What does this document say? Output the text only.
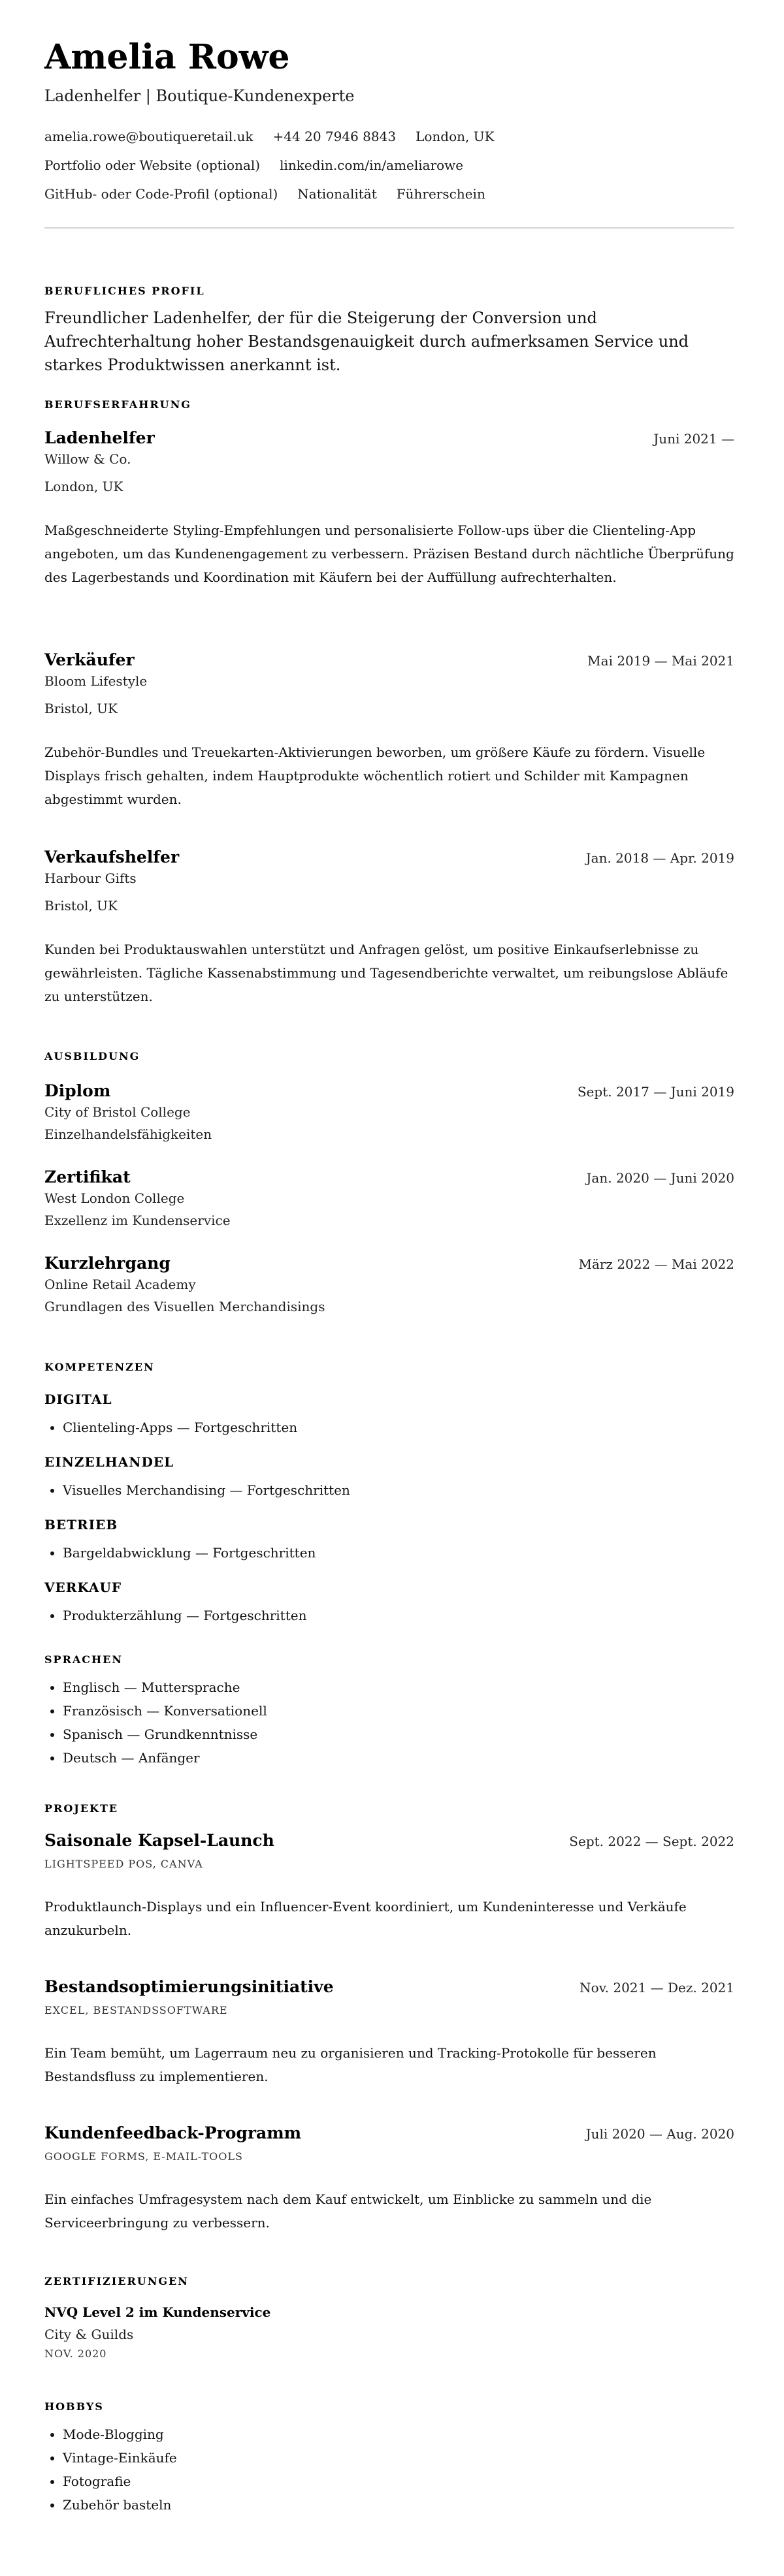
Amelia Rowe
Ladenhelfer | Boutique-Kundenexperte
amelia.rowe@boutiqueretail.uk +44 20 7946 8843 London, UK
Portfolio oder Website (optional) linkedin.com/in/ameliarowe
GitHub- oder Code-Profil (optional) Nationalität Führerschein
BERUFLICHES PROFIL
Freundlicher Ladenhelfer, der für die Steigerung der Conversion und Aufrechterhaltung hoher Bestandsgenauigkeit durch aufmerksamen Service und starkes Produktwissen anerkannt ist.
BERUFSERFAHRUNG
Ladenhelfer	Juni 2021 —
Willow & Co.
London, UK
Maßgeschneiderte Styling-Empfehlungen und personalisierte Follow-ups über die Clienteling-App angeboten, um das Kundenengagement zu verbessern. Präzisen Bestand durch nächtliche Überprüfung des Lagerbestands und Koordination mit Käufern bei der Auffüllung aufrechterhalten.
Verkäufer	Mai 2019 — Mai 2021
Bloom Lifestyle
Bristol, UK
Zubehör-Bundles und Treuekarten-Aktivierungen beworben, um größere Käufe zu fördern. Visuelle Displays frisch gehalten, indem Hauptprodukte wöchentlich rotiert und Schilder mit Kampagnen abgestimmt wurden.
Verkaufshelfer	Jan. 2018 — Apr. 2019
Harbour Gifts
Bristol, UK
Kunden bei Produktauswahlen unterstützt und Anfragen gelöst, um positive Einkaufserlebnisse zu gewährleisten. Tägliche Kassenabstimmung und Tagesendberichte verwaltet, um reibungslose Abläufe zu unterstützen.
AUSBILDUNG
Diplom	Sept. 2017 — Juni 2019
City of Bristol College
Einzelhandelsfähigkeiten
Zertifikat	Jan. 2020 — Juni 2020
West London College
Exzellenz im Kundenservice
Kurzlehrgang	März 2022 — Mai 2022
Online Retail Academy
Grundlagen des Visuellen Merchandisings
KOMPETENZEN
DIGITAL
• Clienteling-Apps — Fortgeschritten
EINZELHANDEL
• Visuelles Merchandising — Fortgeschritten
BETRIEB
• Bargeldabwicklung — Fortgeschritten
VERKAUF
• Produkterzählung — Fortgeschritten
SPRACHEN
• Englisch — Muttersprache
• Französisch — Konversationell
• Spanisch — Grundkenntnisse
• Deutsch — Anfänger
PROJEKTE
Saisonale Kapsel-Launch	Sept. 2022 — Sept. 2022
LIGHTSPEED POS, CANVA
Produktlaunch-Displays und ein Influencer-Event koordiniert, um Kundeninteresse und Verkäufe anzukurbeln.
Bestandsoptimierungsinitiative	Nov. 2021 — Dez. 2021
EXCEL, BESTANDSSOFTWARE
Ein Team bemüht, um Lagerraum neu zu organisieren und Tracking-Protokolle für besseren Bestandsfluss zu implementieren.
Kundenfeedback-Programm	Juli 2020 — Aug. 2020
GOOGLE FORMS, E-MAIL-TOOLS
Ein einfaches Umfragesystem nach dem Kauf entwickelt, um Einblicke zu sammeln und die Serviceerbringung zu verbessern.
ZERTIFIZIERUNGEN
NVQ Level 2 im Kundenservice
City & Guilds
NOV. 2020
HOBBYS
• Mode-Blogging
• Vintage-Einkäufe
• Fotografie
• Zubehör basteln
